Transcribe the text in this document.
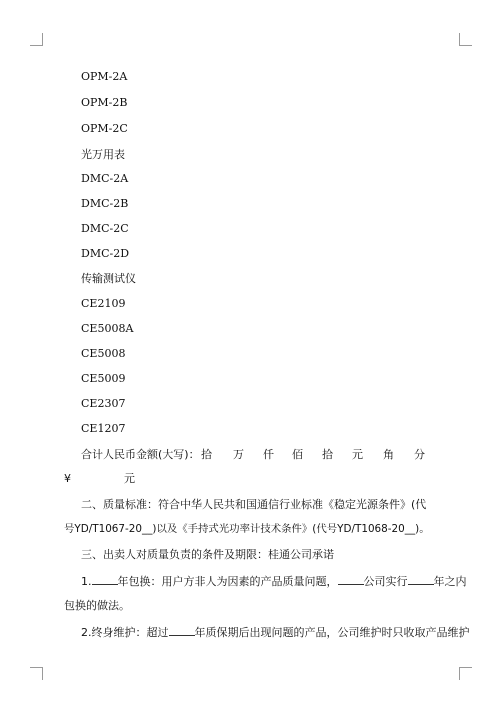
OPM-2A
OPM-2B
OPM-2C
光万用表
DMC-2A
DMC-2B
DMC-2C
DMC-2D
传输测试仪
CE2109
CE5008A
CE5008
CE5009
CE2307
CE1207
合计人民币金额(大写)： 拾 万 仟 佰 拾 元 角 分
¥	元
二、质量标准：符合中华人民共和国通信行业标准《稳定光源条件》(代
号YD/T1067-20__)以及《手持式光功率计技术条件》(代号YD/T1068-20__)。
三、出卖人对质量负责的条件及期限：桂通公司承诺
1. 年包换：用户方非人为因素的产品质量问题， 公司实行 年之内
包换的做法。
2.终身维护：超过 年质保期后出现问题的产品，公司维护时只收取产品维护
